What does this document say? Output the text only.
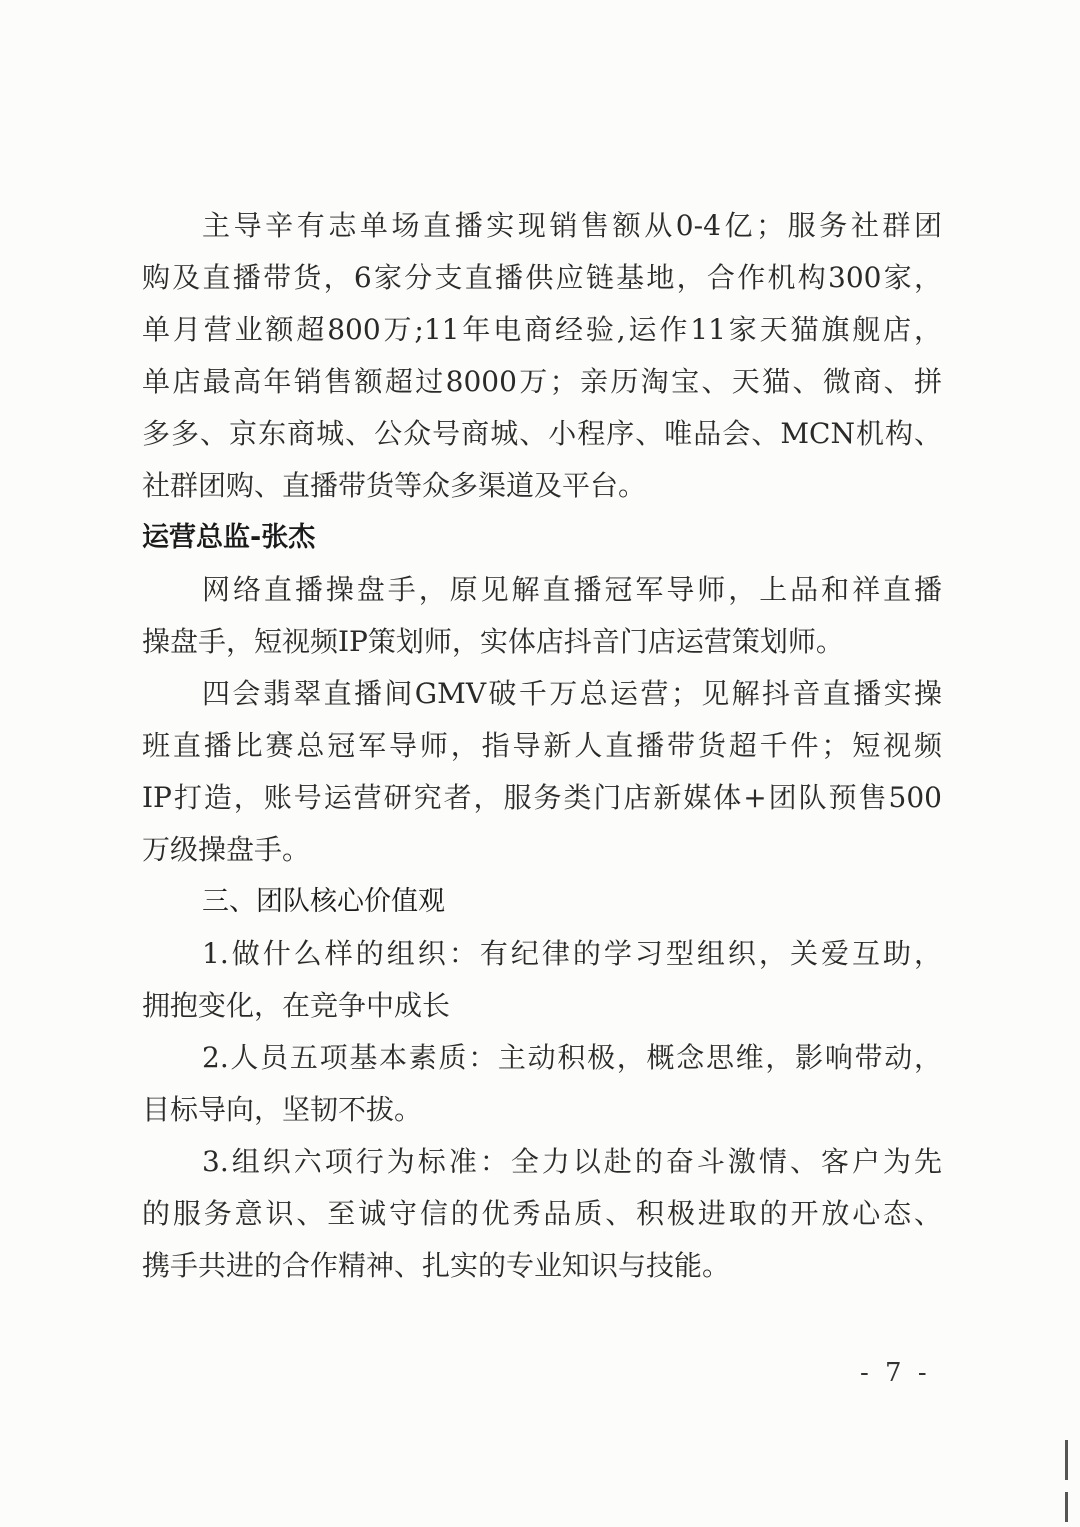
主导辛有志单场直播实现销售额从0-4亿；服务社群团
购及直播带货，6家分支直播供应链基地，合作机构300家，
单月营业额超800万;11年电商经验,运作11家天猫旗舰店，
单店最高年销售额超过8000万；亲历淘宝、天猫、微商、拼
多多、京东商城、公众号商城、小程序、唯品会、MCN机构、
社群团购、直播带货等众多渠道及平台。
运营总监-张杰
网络直播操盘手，原见解直播冠军导师，上品和祥直播
操盘手，短视频IP策划师，实体店抖音门店运营策划师。
四会翡翠直播间GMV破千万总运营；见解抖音直播实操
班直播比赛总冠军导师，指导新人直播带货超千件；短视频
IP打造，账号运营研究者，服务类门店新媒体+团队预售500
万级操盘手。
三、团队核心价值观
1.做什么样的组织：有纪律的学习型组织，关爱互助，
拥抱变化，在竞争中成长
2.人员五项基本素质：主动积极，概念思维，影响带动，
目标导向，坚韧不拔。
3.组织六项行为标准：全力以赴的奋斗激情、客户为先
的服务意识、至诚守信的优秀品质、积极进取的开放心态、
携手共进的合作精神、扎实的专业知识与技能。
- 7 -
